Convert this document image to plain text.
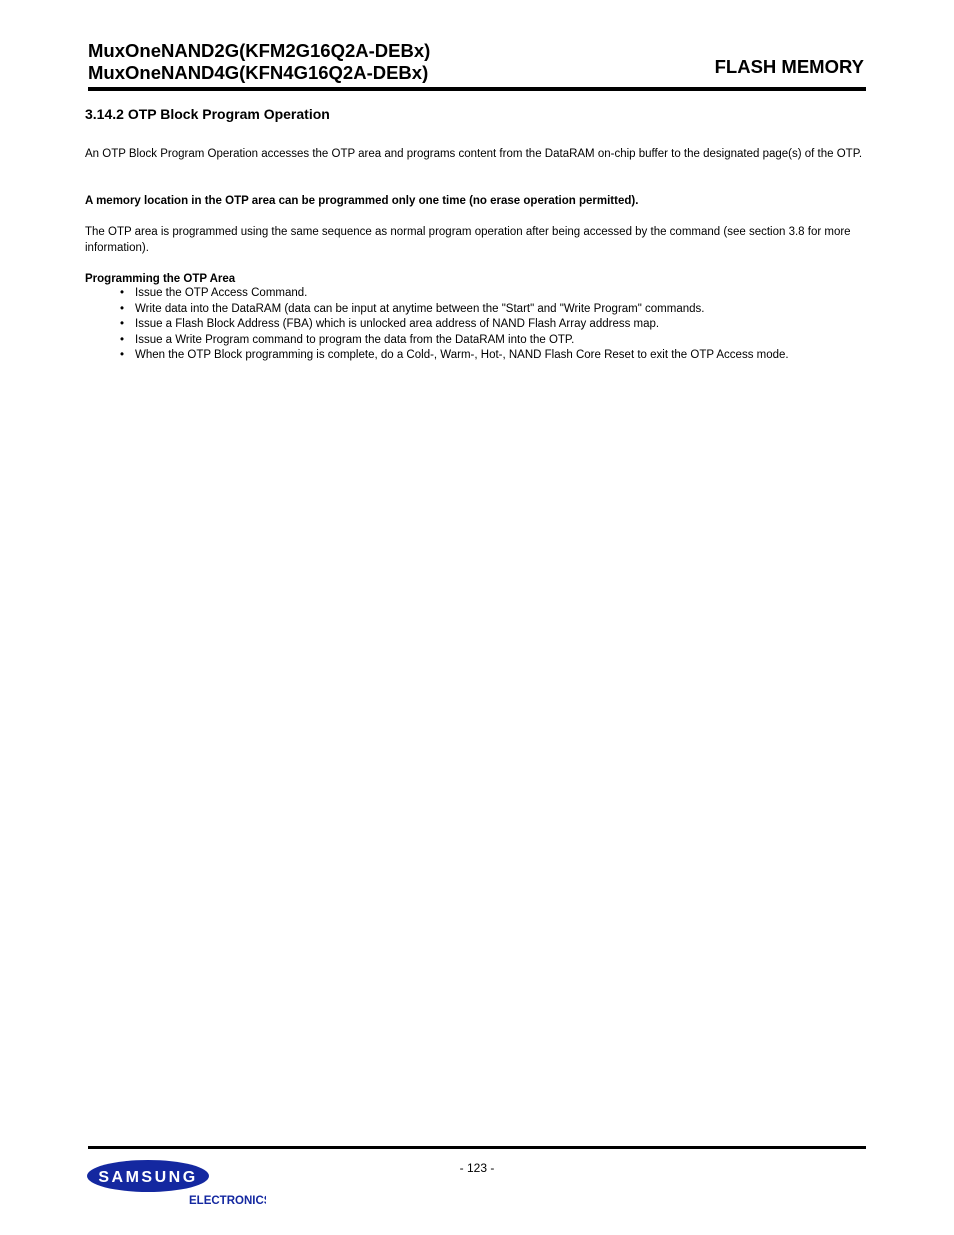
MuxOneNAND2G(KFM2G16Q2A-DEBx)
MuxOneNAND4G(KFN4G16Q2A-DEBx)	FLASH MEMORY
3.14.2 OTP Block Program Operation
An OTP Block Program Operation accesses the OTP area and programs content from the DataRAM on-chip buffer to the designated page(s) of the OTP.
A memory location in the OTP area can be programmed only one time (no erase operation permitted).
The OTP area is programmed using the same sequence as normal program operation after being accessed by the command (see section 3.8 for more information).
Programming the OTP Area
• Issue the OTP Access Command.
• Write data into the DataRAM (data can be input at anytime between the "Start" and "Write Program" commands.
• Issue a Flash Block Address (FBA) which is unlocked area address of NAND Flash Array address map.
• Issue a Write Program command to program the data from the DataRAM into the OTP.
• When the OTP Block programming is complete, do a Cold-, Warm-, Hot-, NAND Flash Core Reset to exit the OTP Access mode.
SAMSUNG
ELECTRONICS
- 123 -
